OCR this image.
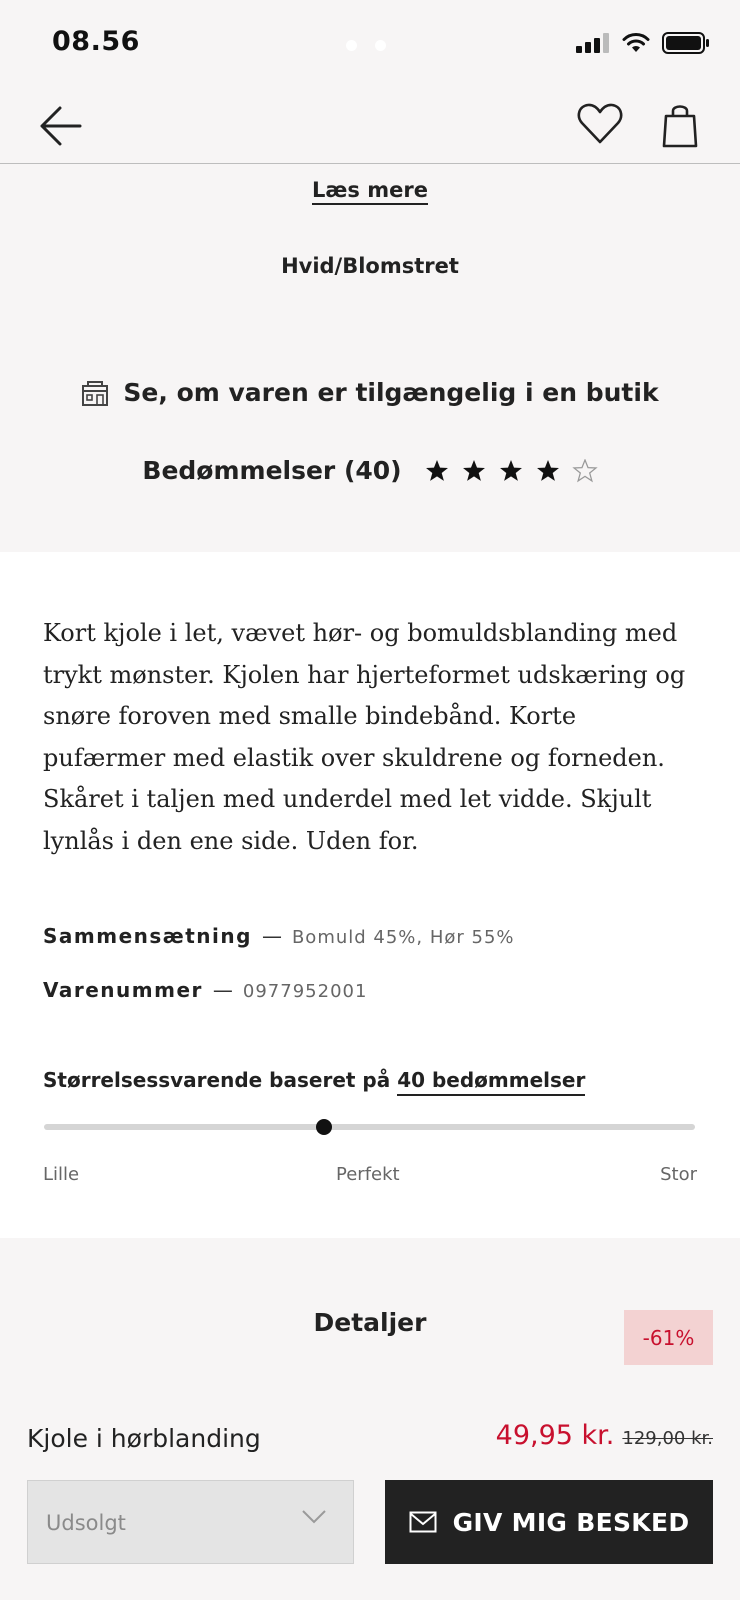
08.56
Læs mere
Hvid/Blomstret
Se, om varen er tilgængelig i en butik
Bedømmelser (40)

Kort kjole i let, vævet hør- og bomuldsblanding med trykt mønster. Kjolen har hjerteformet udskæring og snøre foroven med smalle bindebånd. Korte pufærmer med elastik over skuldrene og forneden. Skåret i taljen med underdel med let vidde. Skjult lynlås i den ene side. Uden for.

Sammensætning — Bomuld 45%, Hør 55%
Varenummer — 0977952001
Størrelsessvarende baseret på 40 bedømmelser
Lille	Perfekt	Stor
Detaljer
-61%
Kjole i hørblanding	49,95 kr. 129,00 kr.
Udsolgt	GIV MIG BESKED
